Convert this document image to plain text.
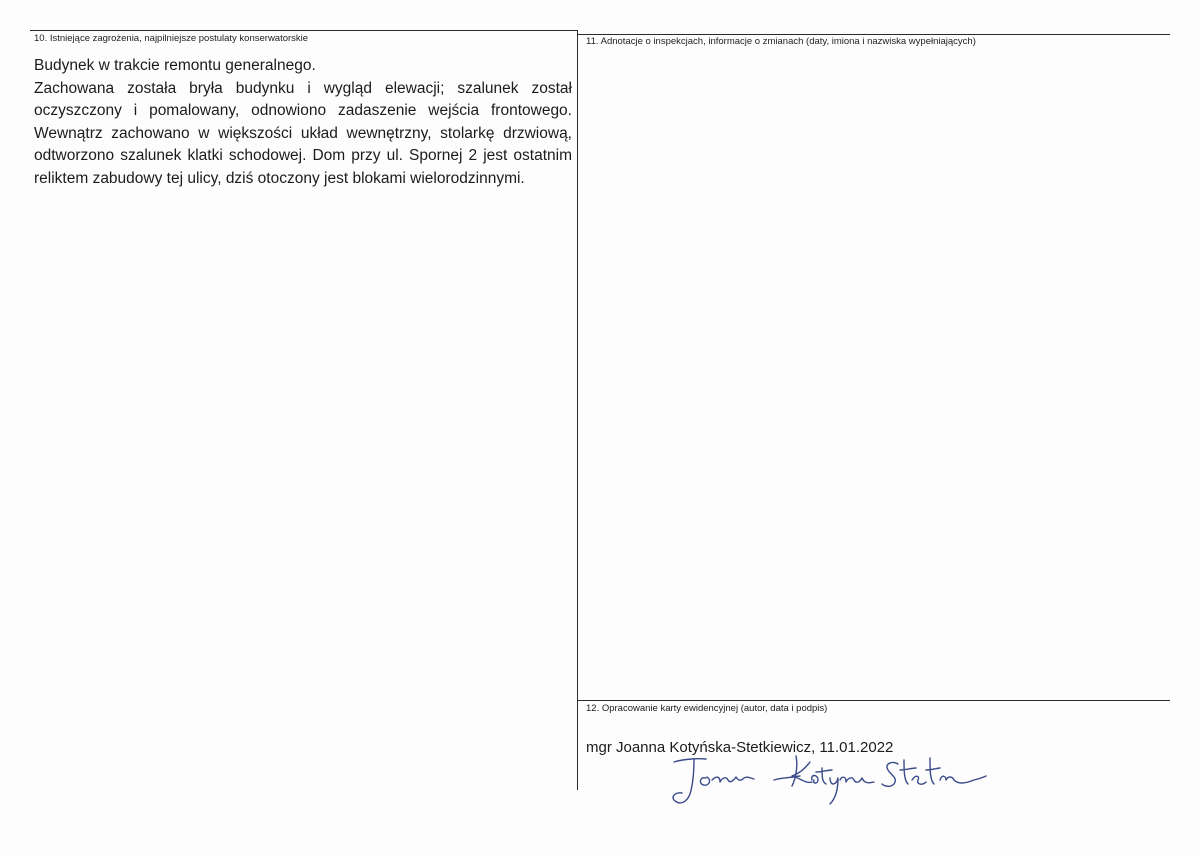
10. Istniejące zagrożenia, najpilniejsze postulaty konserwatorskie
Budynek w trakcie remontu generalnego.
Zachowana została bryła budynku i wygląd elewacji; szalunek został oczyszczony i pomalowany, odnowiono zadaszenie wejścia frontowego. Wewnątrz zachowano w większości układ wewnętrzny, stolarkę drzwiową, odtworzono szalunek klatki schodowej. Dom przy ul. Spornej 2 jest ostatnim reliktem zabudowy tej ulicy, dziś otoczony jest blokami wielorodzinnymi.
11. Adnotacje o inspekcjach, informacje o zmianach (daty, imiona i nazwiska wypełniających)
12. Opracowanie karty ewidencyjnej (autor, data i podpis)
mgr Joanna Kotyńska-Stetkiewicz, 11.01.2022
